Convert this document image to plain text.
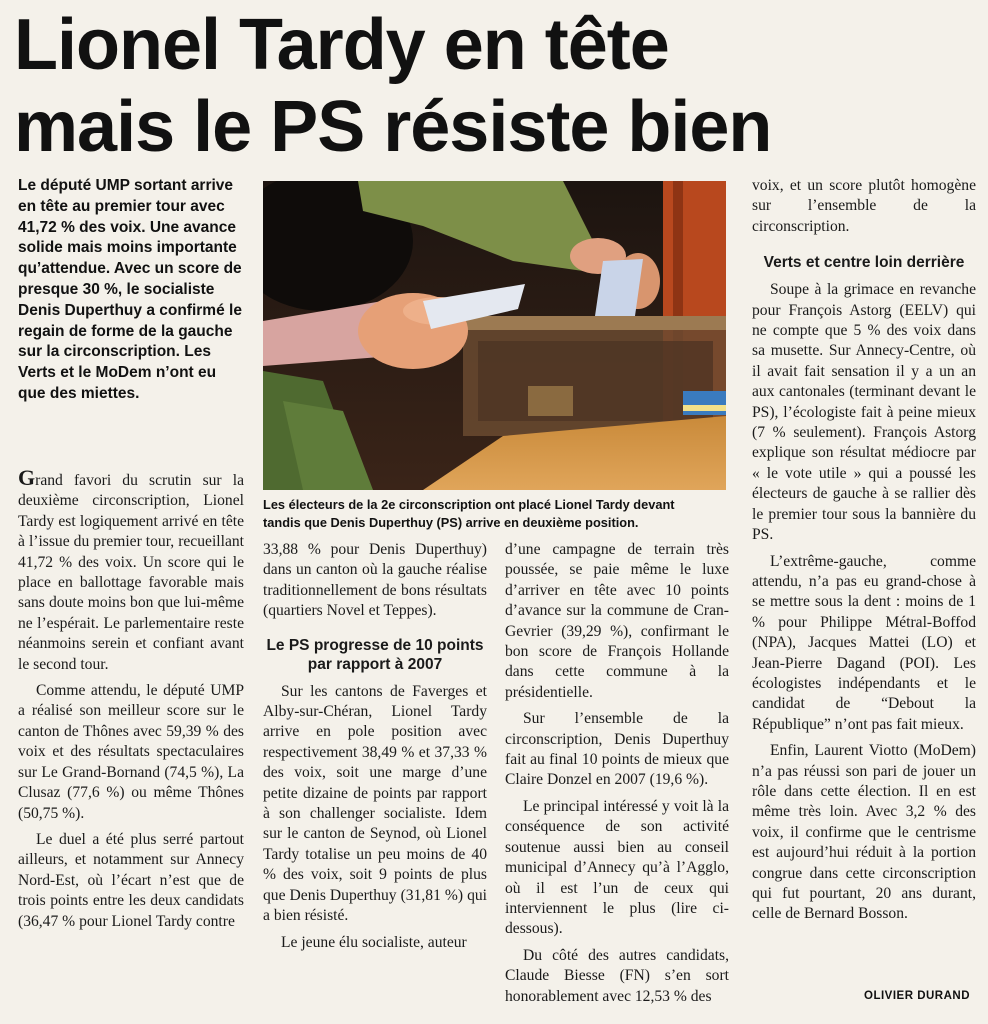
Lionel Tardy en tête
mais le PS résiste bien
Le député UMP sortant arrive en tête au premier tour avec 41,72 % des voix. Une avance solide mais moins importante qu’attendue. Avec un score de presque 30 %, le socialiste Denis Duperthuy a confirmé le regain de forme de la gauche sur la circonscription. Les Verts et le MoDem n’ont eu que des miettes.
Les électeurs de la 2e circonscription ont placé Lionel Tardy devant
tandis que Denis Duperthuy (PS) arrive en deuxième position.

Grand favori du scrutin sur la deuxième circonscription, Lionel Tardy est logiquement arrivé en tête à l’issue du premier tour, recueillant 41,72 % des voix. Un score qui le place en ballottage favorable mais sans doute moins bon que lui-même ne l’espérait. Le parlementaire reste néanmoins serein et confiant avant le second tour.

Comme attendu, le député UMP a réalisé son meilleur score sur le canton de Thônes avec 59,39 % des voix et des résultats spectaculaires sur Le Grand-Bornand (74,5 %), La Clusaz (77,6 %) ou même Thônes (50,75 %).

Le duel a été plus serré partout ailleurs, et notamment sur Annecy Nord-Est, où l’écart n’est que de trois points entre les deux candidats (36,47 % pour Lionel Tardy contre

33,88 % pour Denis Duperthuy) dans un canton où la gauche réalise traditionnellement de bons résultats (quartiers Novel et Teppes).

Le PS progresse de 10 points par rapport à 2007

Sur les cantons de Faverges et Alby-sur-Chéran, Lionel Tardy arrive en pole position avec respectivement 38,49 % et 37,33 % des voix, soit une marge d’une petite dizaine de points par rapport à son challenger socialiste. Idem sur le canton de Seynod, où Lionel Tardy totalise un peu moins de 40 % des voix, soit 9 points de plus que Denis Duperthuy (31,81 %) qui a bien résisté.

Le jeune élu socialiste, auteur

d’une campagne de terrain très poussée, se paie même le luxe d’arriver en tête avec 10 points d’avance sur la commune de Cran-Gevrier (39,29 %), confirmant le bon score de François Hollande dans cette commune à la présidentielle.

Sur l’ensemble de la circonscription, Denis Duperthuy fait au final 10 points de mieux que Claire Donzel en 2007 (19,6 %).

Le principal intéressé y voit là la conséquence de son activité soutenue aussi bien au conseil municipal d’Annecy qu’à l’Agglo, où il est l’un de ceux qui interviennent le plus (lire ci-dessous).

Du côté des autres candidats, Claude Biesse (FN) s’en sort honorablement avec 12,53 % des

voix, et un score plutôt homogène sur l’ensemble de la circonscription.

Verts et centre loin derrière

Soupe à la grimace en revanche pour François Astorg (EELV) qui ne compte que 5 % des voix dans sa musette. Sur Annecy-Centre, où il avait fait sensation il y a un an aux cantonales (terminant devant le PS), l’écologiste fait à peine mieux (7 % seulement). François Astorg explique son résultat médiocre par « le vote utile » qui a poussé les électeurs de gauche à se rallier dès le premier tour sous la bannière du PS.

L’extrême-gauche, comme attendu, n’a pas eu grand-chose à se mettre sous la dent : moins de 1 % pour Philippe Métral-Boffod (NPA), Jacques Mattei (LO) et Jean-Pierre Dagand (POI). Les écologistes indépendants et le candidat de “Debout la République” n’ont pas fait mieux.

Enfin, Laurent Viotto (MoDem) n’a pas réussi son pari de jouer un rôle dans cette élection. Il en est même très loin. Avec 3,2 % des voix, il confirme que le centrisme est aujourd’hui réduit à la portion congrue dans cette circonscription qui fut pourtant, 20 ans durant, celle de Bernard Bosson.

OLIVIER DURAND
